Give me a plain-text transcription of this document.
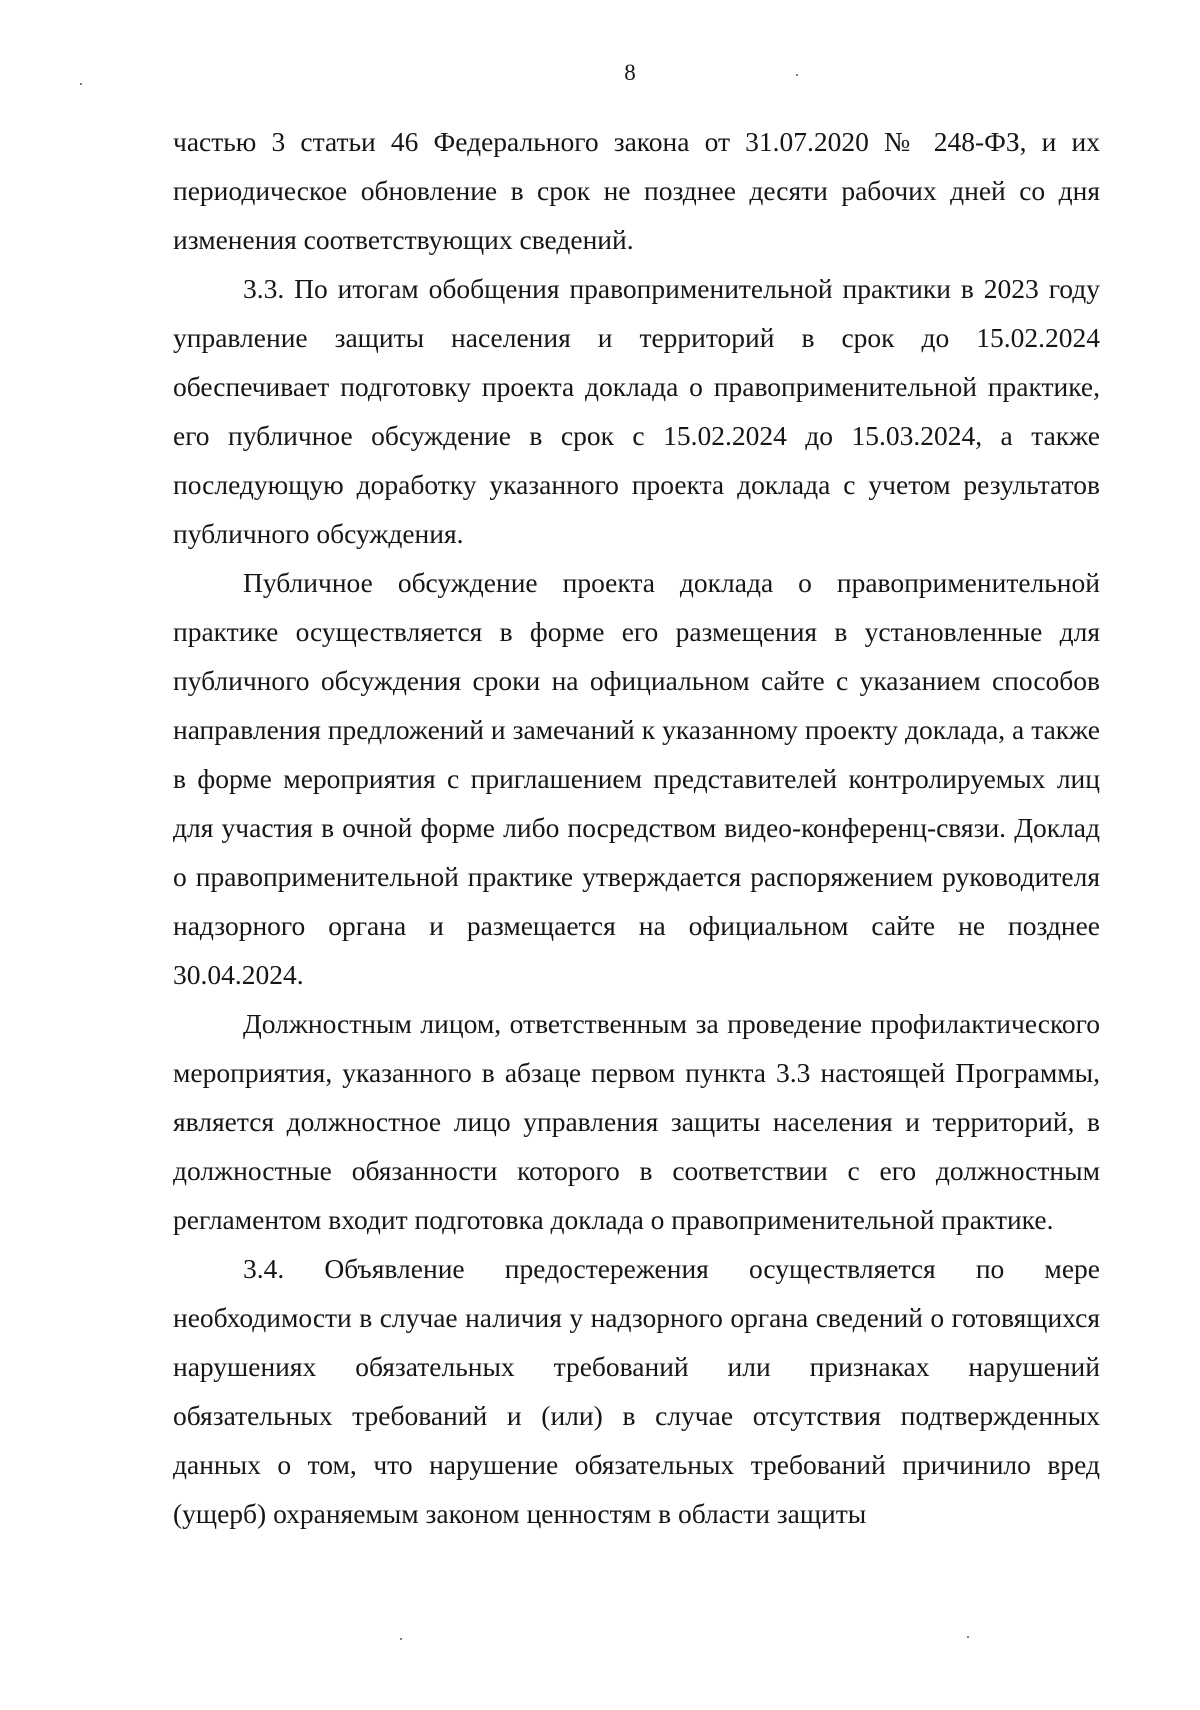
8

частью 3 статьи 46 Федерального закона от 31.07.2020 № 248-ФЗ, и их периодическое обновление в срок не позднее десяти рабочих дней со дня изменения соответствующих сведений.

3.3. По итогам обобщения правоприменительной практики в 2023 году управление защиты населения и территорий в срок до 15.02.2024 обеспечивает подготовку проекта доклада о правоприменительной практике, его публичное обсуждение в срок с 15.02.2024 до 15.03.2024, а также последующую доработку указанного проекта доклада с учетом результатов публичного обсуждения.

Публичное обсуждение проекта доклада о правоприменительной практике осуществляется в форме его размещения в установленные для публичного обсуждения сроки на официальном сайте с указанием способов направления предложений и замечаний к указанному проекту доклада, а также в форме мероприятия с приглашением представителей контролируемых лиц для участия в очной форме либо посредством видео-конференц-связи. Доклад о правоприменительной практике утверждается распоряжением руководителя надзорного органа и размещается на официальном сайте не позднее 30.04.2024.

Должностным лицом, ответственным за проведение профилактического мероприятия, указанного в абзаце первом пункта 3.3 настоящей Программы, является должностное лицо управления защиты населения и территорий, в должностные обязанности которого в соответствии с его должностным регламентом входит подготовка доклада о правоприменительной практике.

3.4. Объявление предостережения осуществляется по мере необходимости в случае наличия у надзорного органа сведений о готовящихся нарушениях обязательных требований или признаках нарушений обязательных требований и (или) в случае отсутствия подтвержденных данных о том, что нарушение обязательных требований причинило вред (ущерб) охраняемым законом ценностям в области защиты
